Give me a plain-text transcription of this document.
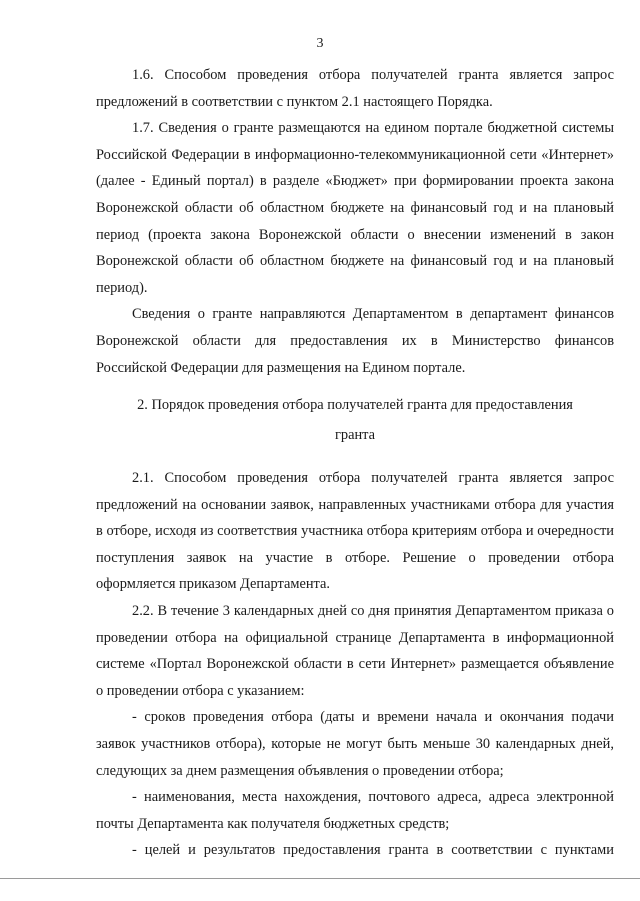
3

1.6. Способом проведения отбора получателей гранта является запрос предложений в соответствии с пунктом 2.1 настоящего Порядка.

1.7. Сведения о гранте размещаются на едином портале бюджетной системы Российской Федерации в информационно-телекоммуникационной сети «Интернет» (далее - Единый портал) в разделе «Бюджет» при формировании проекта закона Воронежской области об областном бюджете на финансовый год и на плановый период (проекта закона Воронежской области о внесении изменений в закон Воронежской области об областном бюджете на финансовый год и на плановый период).

Сведения о гранте направляются Департаментом в департамент финансов Воронежской области для предоставления их в Министерство финансов Российской Федерации для размещения на Едином портале.

2. Порядок проведения отбора получателей гранта для предоставления
гранта

2.1. Способом проведения отбора получателей гранта является запрос предложений на основании заявок, направленных участниками отбора для участия в отборе, исходя из соответствия участника отбора критериям отбора и очередности поступления заявок на участие в отборе. Решение о проведении отбора оформляется приказом Департамента.

2.2. В течение 3 календарных дней со дня принятия Департаментом приказа о проведении отбора на официальной странице Департамента в информационной системе «Портал Воронежской области в сети Интернет» размещается объявление о проведении отбора с указанием:

- сроков проведения отбора (даты и времени начала и окончания подачи заявок участников отбора), которые не могут быть меньше 30 календарных дней, следующих за днем размещения объявления о проведении отбора;

- наименования, места нахождения, почтового адреса, адреса электронной почты Департамента как получателя бюджетных средств;

- целей и результатов предоставления гранта в соответствии с пунктами
